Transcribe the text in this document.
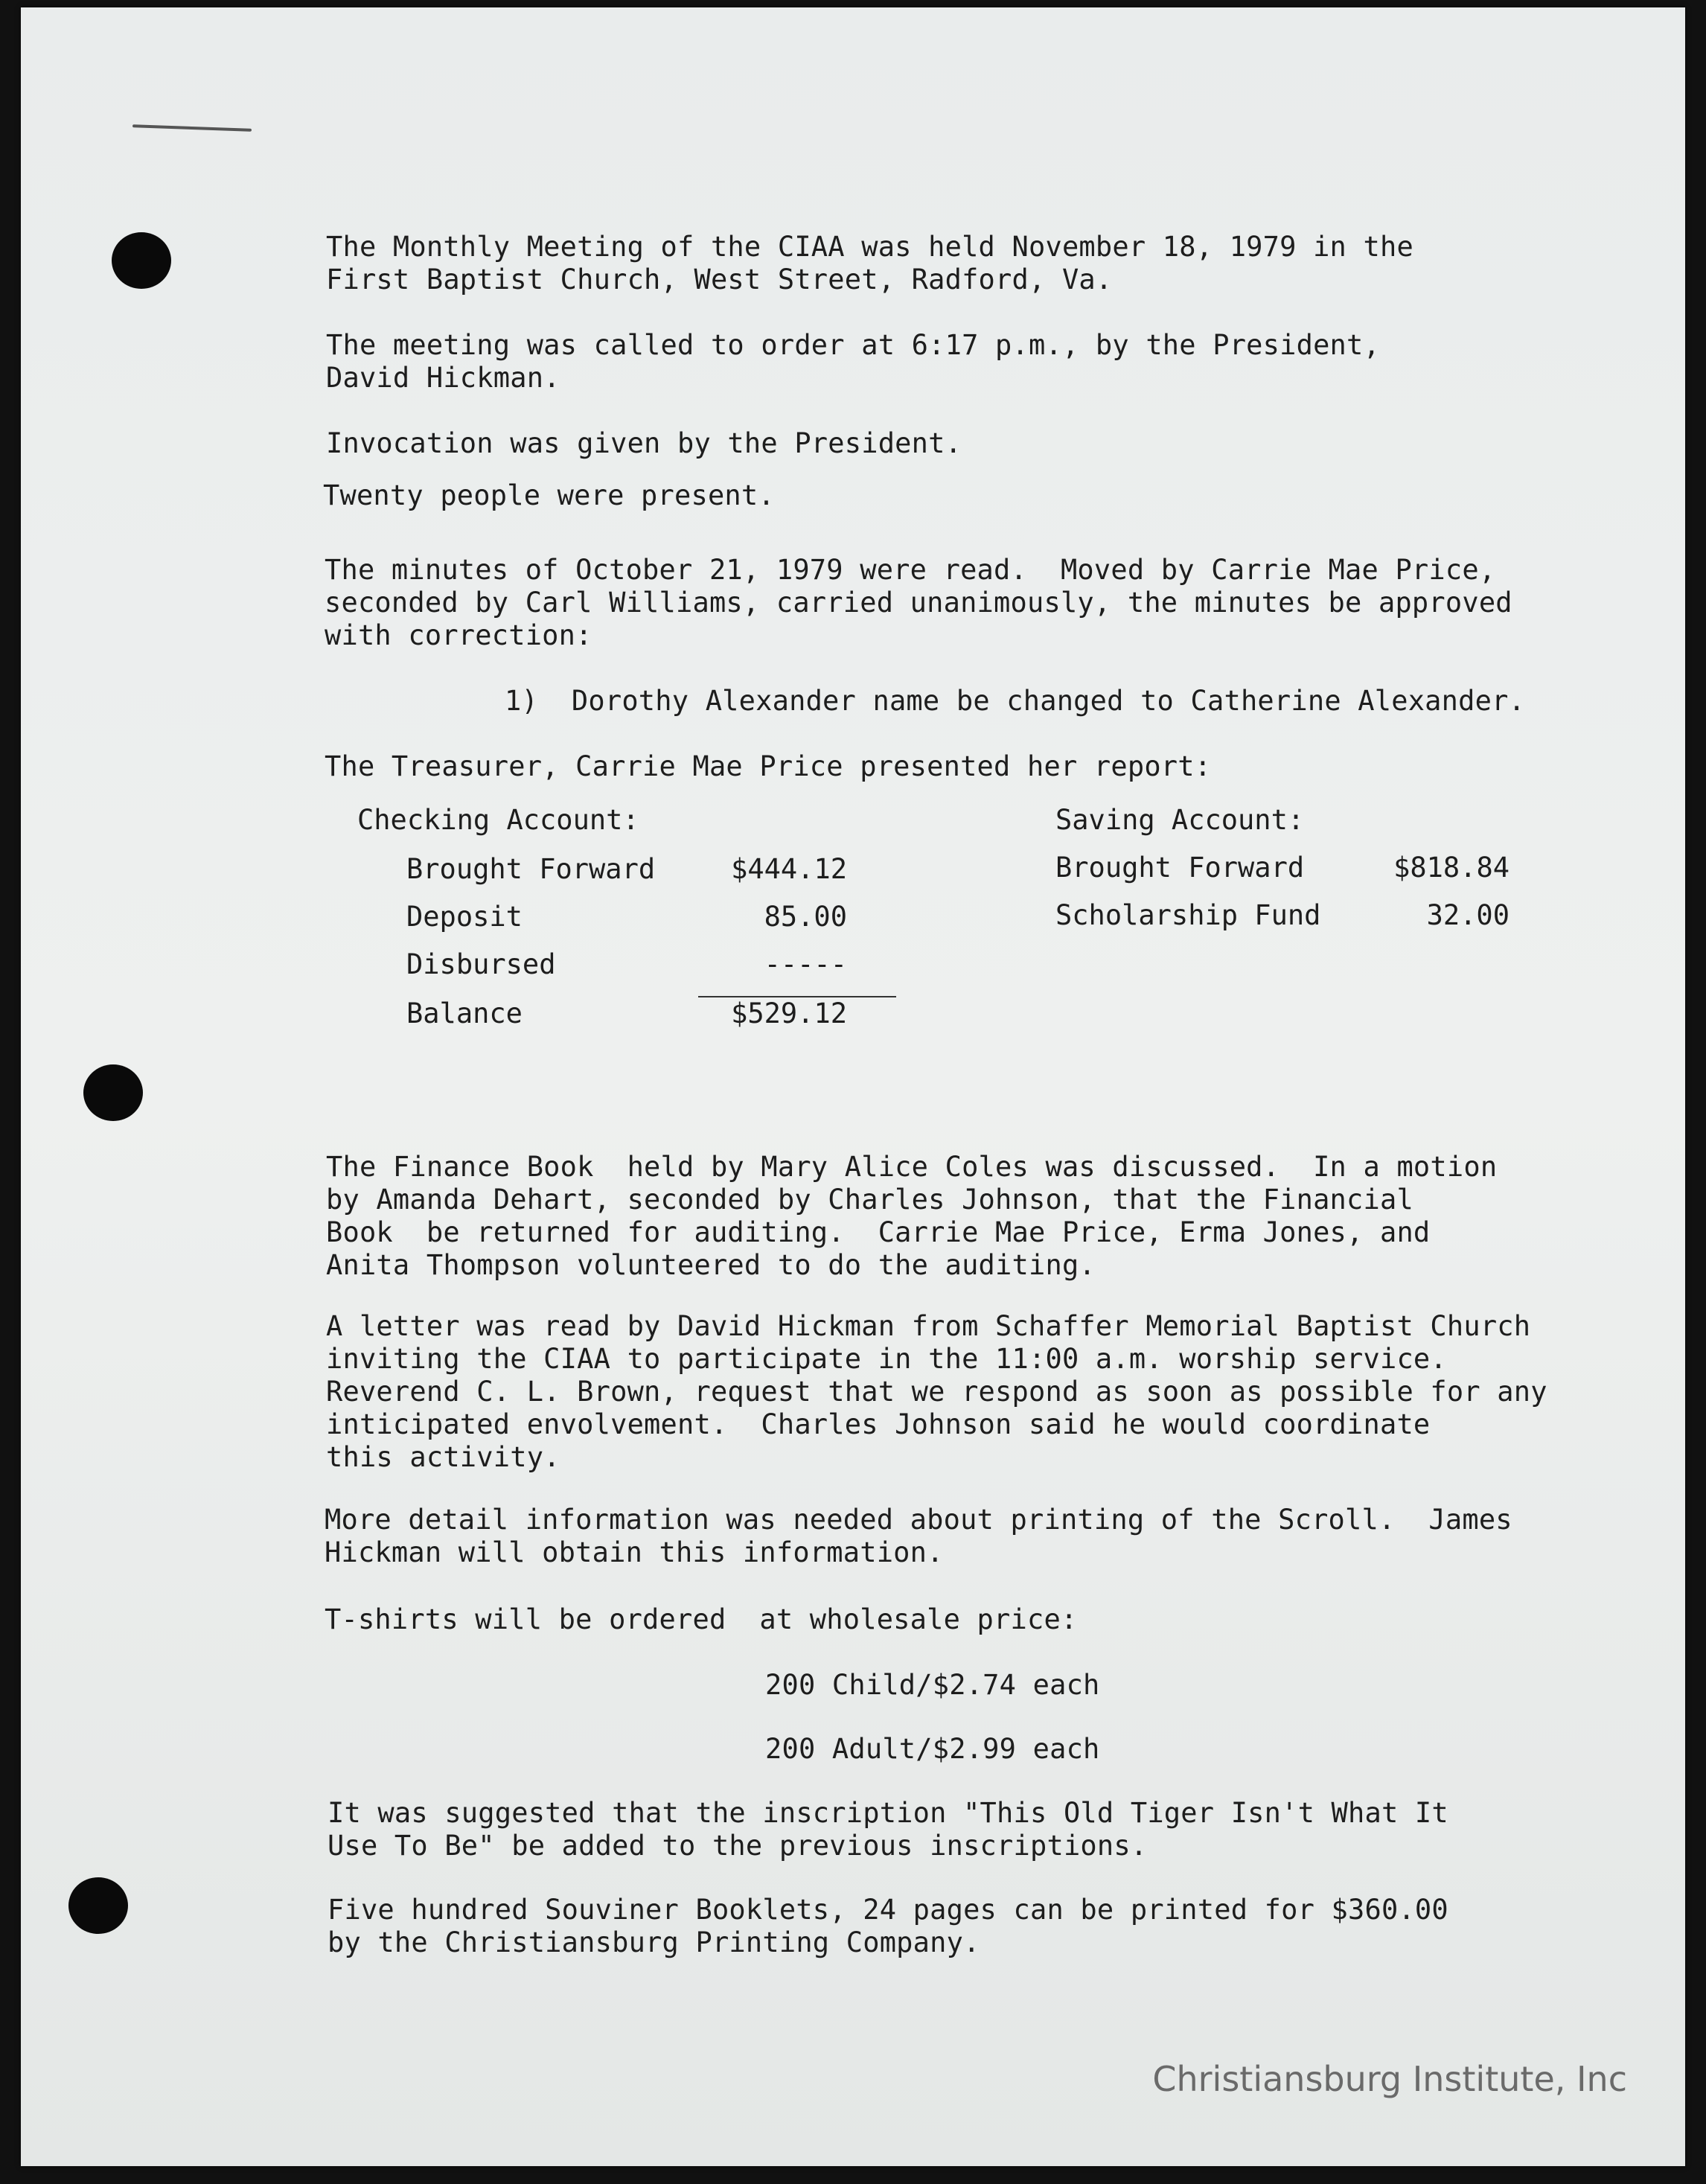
The Monthly Meeting of the CIAA was held November 18, 1979 in the
First Baptist Church, West Street, Radford, Va.
The meeting was called to order at 6:17 p.m., by the President,
David Hickman.
Invocation was given by the President.
Twenty people were present.
The minutes of October 21, 1979 were read.  Moved by Carrie Mae Price,
seconded by Carl Williams, carried unanimously, the minutes be approved
with correction:
1)  Dorothy Alexander name be changed to Catherine Alexander.
The Treasurer, Carrie Mae Price presented her report:
Checking Account:
Brought Forward	$444.12
Deposit	85.00
Disbursed	-----
Balance	$529.12
Saving Account:
Brought Forward	$818.84
Scholarship Fund	32.00
The Finance Book  held by Mary Alice Coles was discussed.  In a motion
by Amanda Dehart, seconded by Charles Johnson, that the Financial
Book  be returned for auditing.  Carrie Mae Price, Erma Jones, and
Anita Thompson volunteered to do the auditing.
A letter was read by David Hickman from Schaffer Memorial Baptist Church
inviting the CIAA to participate in the 11:00 a.m. worship service.
Reverend C. L. Brown, request that we respond as soon as possible for any
inticipated envolvement.  Charles Johnson said he would coordinate
this activity.
More detail information was needed about printing of the Scroll.  James
Hickman will obtain this information.
T-shirts will be ordered  at wholesale price:
200 Child/$2.74 each
200 Adult/$2.99 each
It was suggested that the inscription "This Old Tiger Isn't What It
Use To Be" be added to the previous inscriptions.
Five hundred Souviner Booklets, 24 pages can be printed for $360.00
by the Christiansburg Printing Company.
Christiansburg Institute, Inc
